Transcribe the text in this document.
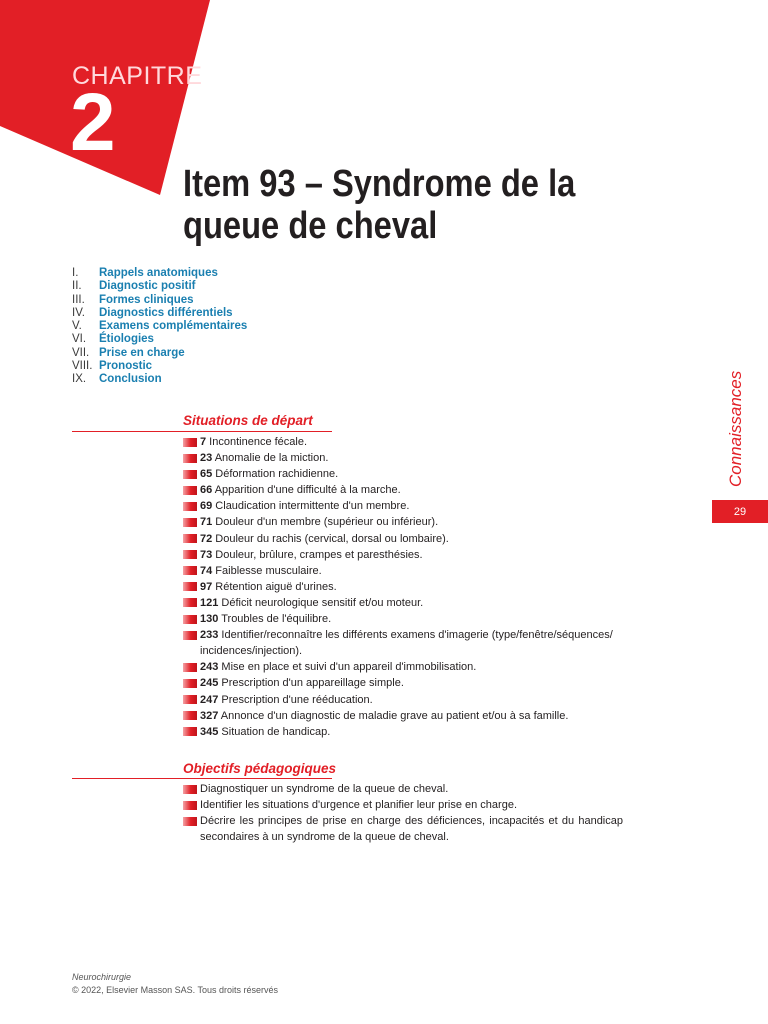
CHAPITRE
2
Item 93 – Syndrome de la queue de cheval
I.	Rappels anatomiques
II.	Diagnostic positif
III.	Formes cliniques
IV.	Diagnostics différentiels
V.	Examens complémentaires
VI.	Étiologies
VII. Prise en charge
VIII. Pronostic
IX.	Conclusion
Situations de départ
7 Incontinence fécale.
23 Anomalie de la miction.
65 Déformation rachidienne.
66 Apparition d'une difficulté à la marche.
69 Claudication intermittente d'un membre.
71 Douleur d'un membre (supérieur ou inférieur).
72 Douleur du rachis (cervical, dorsal ou lombaire).
73 Douleur, brûlure, crampes et paresthésies.
74 Faiblesse musculaire.
97 Rétention aiguë d'urines.
121 Déficit neurologique sensitif et/ou moteur.
130 Troubles de l'équilibre.
233 Identifier/reconnaître les différents examens d'imagerie (type/fenêtre/séquences/ incidences/injection).
243 Mise en place et suivi d'un appareil d'immobilisation.
245 Prescription d'un appareillage simple.
247 Prescription d'une rééducation.
327 Annonce d'un diagnostic de maladie grave au patient et/ou à sa famille.
345 Situation de handicap.
Objectifs pédagogiques
Diagnostiquer un syndrome de la queue de cheval.
Identifier les situations d'urgence et planifier leur prise en charge.
Décrire les principes de prise en charge des déficiences, incapacités et du handicap secondaires à un syndrome de la queue de cheval.
Connaissances
29
Neurochirurgie
© 2022, Elsevier Masson SAS. Tous droits réservés
